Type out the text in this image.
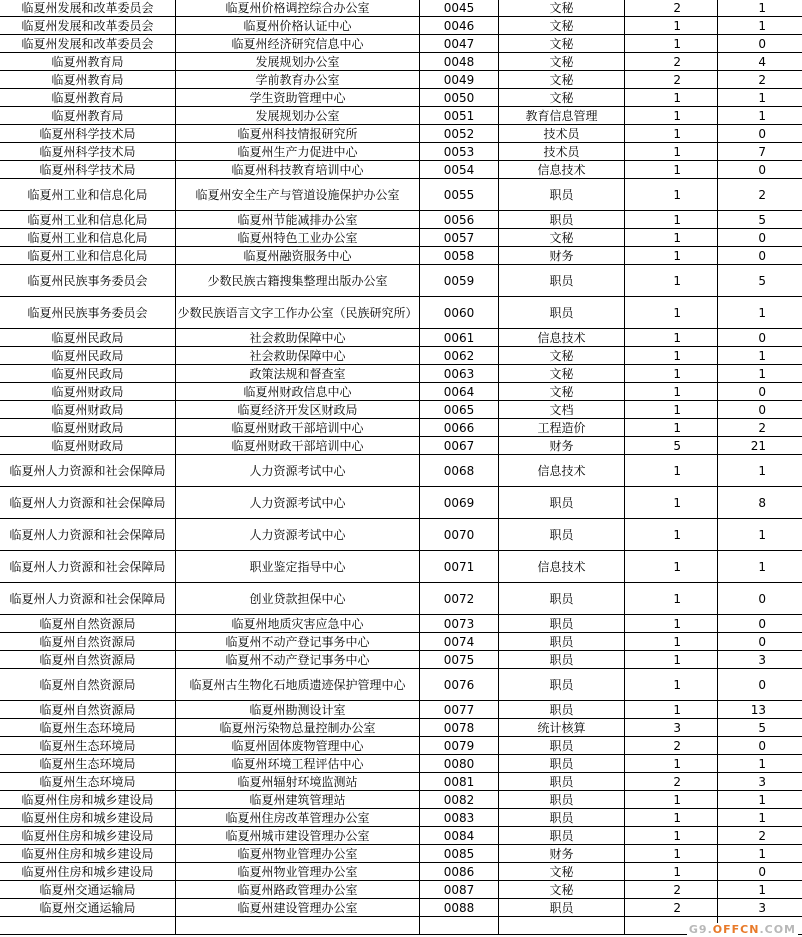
临夏州发展和改革委员会	临夏州价格调控综合办公室	0045	文秘	2	1
临夏州发展和改革委员会	临夏州价格认证中心	0046	文秘	1	1
临夏州发展和改革委员会	临夏州经济研究信息中心	0047	文秘	1	0
临夏州教育局	发展规划办公室	0048	文秘	2	4
临夏州教育局	学前教育办公室	0049	文秘	2	2
临夏州教育局	学生资助管理中心	0050	文秘	1	1
临夏州教育局	发展规划办公室	0051	教育信息管理	1	1
临夏州科学技术局	临夏州科技情报研究所	0052	技术员	1	0
临夏州科学技术局	临夏州生产力促进中心	0053	技术员	1	7
临夏州科学技术局	临夏州科技教育培训中心	0054	信息技术	1	0
临夏州工业和信息化局	临夏州安全生产与管道设施保护办公室	0055	职员	1	2
临夏州工业和信息化局	临夏州节能减排办公室	0056	职员	1	5
临夏州工业和信息化局	临夏州特色工业办公室	0057	文秘	1	0
临夏州工业和信息化局	临夏州融资服务中心	0058	财务	1	0
临夏州民族事务委员会	少数民族古籍搜集整理出版办公室	0059	职员	1	5
临夏州民族事务委员会	少数民族语言文字工作办公室（民族研究所）	0060	职员	1	1
临夏州民政局	社会救助保障中心	0061	信息技术	1	0
临夏州民政局	社会救助保障中心	0062	文秘	1	1
临夏州民政局	政策法规和督查室	0063	文秘	1	1
临夏州财政局	临夏州财政信息中心	0064	文秘	1	0
临夏州财政局	临夏经济开发区财政局	0065	文档	1	0
临夏州财政局	临夏州财政干部培训中心	0066	工程造价	1	2
临夏州财政局	临夏州财政干部培训中心	0067	财务	5	21
临夏州人力资源和社会保障局	人力资源考试中心	0068	信息技术	1	1
临夏州人力资源和社会保障局	人力资源考试中心	0069	职员	1	8
临夏州人力资源和社会保障局	人力资源考试中心	0070	职员	1	1
临夏州人力资源和社会保障局	职业鉴定指导中心	0071	信息技术	1	1
临夏州人力资源和社会保障局	创业贷款担保中心	0072	职员	1	0
临夏州自然资源局	临夏州地质灾害应急中心	0073	职员	1	0
临夏州自然资源局	临夏州不动产登记事务中心	0074	职员	1	0
临夏州自然资源局	临夏州不动产登记事务中心	0075	职员	1	3
临夏州自然资源局	临夏州古生物化石地质遗迹保护管理中心	0076	职员	1	0
临夏州自然资源局	临夏州勘测设计室	0077	职员	1	13
临夏州生态环境局	临夏州污染物总量控制办公室	0078	统计核算	3	5
临夏州生态环境局	临夏州固体废物管理中心	0079	职员	2	0
临夏州生态环境局	临夏州环境工程评估中心	0080	职员	1	1
临夏州生态环境局	临夏州辐射环境监测站	0081	职员	2	3
临夏州住房和城乡建设局	临夏州建筑管理站	0082	职员	1	1
临夏州住房和城乡建设局	临夏州住房改革管理办公室	0083	职员	1	1
临夏州住房和城乡建设局	临夏州城市建设管理办公室	0084	职员	1	2
临夏州住房和城乡建设局	临夏州物业管理办公室	0085	财务	1	1
临夏州住房和城乡建设局	临夏州物业管理办公室	0086	文秘	1	0
临夏州交通运输局	临夏州路政管理办公室	0087	文秘	2	1
临夏州交通运输局	临夏州建设管理办公室	0088	职员	2	3

G9.OFFCN.COM
